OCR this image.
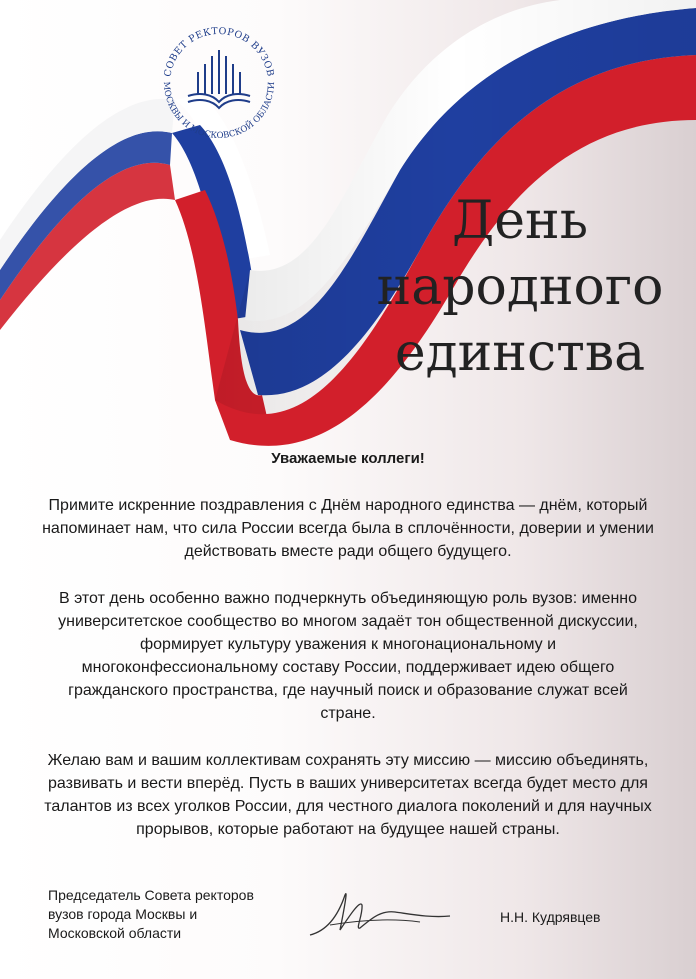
СОВЕТ РЕКТОРОВ ВУЗОВ
МОСКВЫ И МОСКОВСКОЙ ОБЛАСТИ
День
народного
единства
Уважаемые коллеги!

Примите искренние поздравления с Днём народного единства — днём, который напоминает нам, что сила России всегда была в сплочённости, доверии и умении действовать вместе ради общего будущего.

В этот день особенно важно подчеркнуть объединяющую роль вузов: именно университетское сообщество во многом задаёт тон общественной дискуссии, формирует культуру уважения к многонациональному и многоконфессиональному составу России, поддерживает идею общего гражданского пространства, где научный поиск и образование служат всей стране.

Желаю вам и вашим коллективам сохранять эту миссию — миссию объединять, развивать и вести вперёд. Пусть в ваших университетах всегда будет место для талантов из всех уголков России, для честного диалога поколений и для научных прорывов, которые работают на будущее нашей страны.

Председатель Совета ректоров
вузов города Москвы и
Московской области
Н.Н. Кудрявцев
